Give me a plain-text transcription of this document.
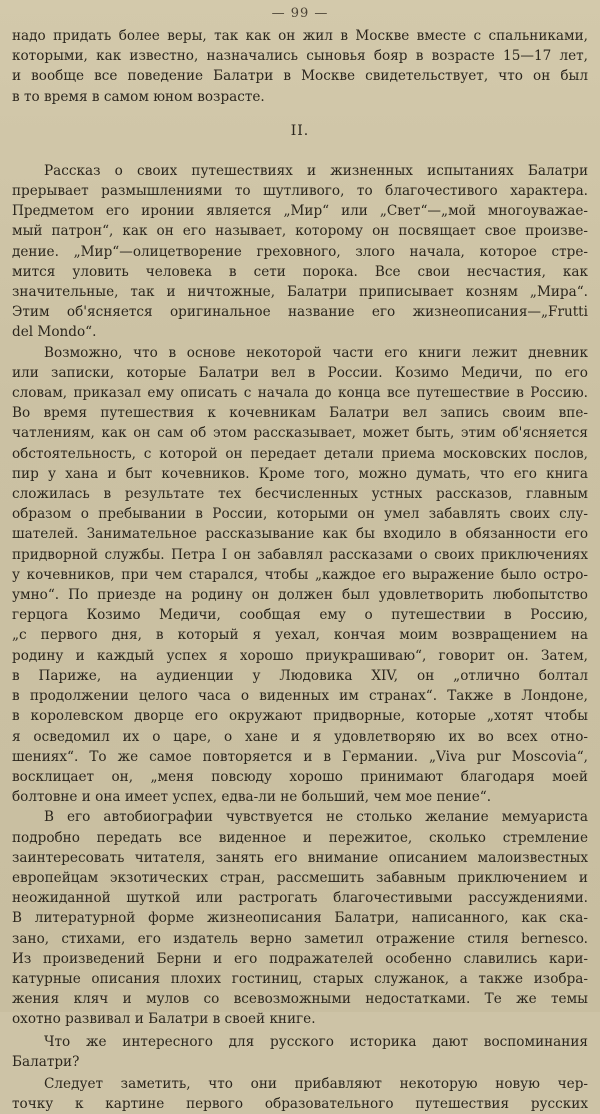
— 99 —

надо придать более веры, так как он жил в Москве вместе с спальниками,
которыми, как известно, назначались сыновья бояр в возрасте 15—17 лет,
и вообще все поведение Балатри в Москве свидетельствует, что он был
в то время в самом юном возрасте.

II.

Рассказ о своих путешествиях и жизненных испытаниях Балатри
прерывает размышлениями то шутливого, то благочестивого характера.
Предметом его иронии является „Мир“ или „Свет“—„мой многоуважае-
мый патрон“, как он его называет, которому он посвящает свое произве-
дение. „Мир“—олицетворение греховного, злого начала, которое стре-
мится уловить человека в сети порока. Все свои несчастия, как
значительные, так и ничтожные, Балатри приписывает козням „Мира“.
Этим об'ясняется оригинальное название его жизнеописания—„Frutti
del Mondo“.

Возможно, что в основе некоторой части его книги лежит дневник
или записки, которые Балатри вел в России. Козимо Медичи, по его
словам, приказал ему описать с начала до конца все путешествие в Россию.
Во время путешествия к кочевникам Балатри вел запись своим впе-
чатлениям, как он сам об этом рассказывает, может быть, этим об'ясняется
обстоятельность, с которой он передает детали приема московских послов,
пир у хана и быт кочевников. Кроме того, можно думать, что его книга
сложилась в результате тех бесчисленных устных рассказов, главным
образом о пребывании в России, которыми он умел забавлять своих слу-
шателей. Занимательное рассказывание как бы входило в обязанности его
придворной службы. Петра I он забавлял рассказами о своих приключениях
у кочевников, при чем старался, чтобы „каждое его выражение было остро-
умно“. По приезде на родину он должен был удовлетворить любопытство
герцога Козимо Медичи, сообщая ему о путешествии в Россию,
„с первого дня, в который я уехал, кончая моим возвращением на
родину и каждый успех я хорошо приукрашиваю“, говорит он. Затем,
в Париже, на аудиенции у Людовика XIV, он „отлично болтал
в продолжении целого часа о виденных им странах“. Также в Лондоне,
в королевском дворце его окружают придворные, которые „хотят чтобы
я осведомил их о царе, о хане и я удовлетворяю их во всех отно-
шениях“. То же самое повторяется и в Германии. „Viva pur Moscovia“,
восклицает он, „меня повсюду хорошо принимают благодаря моей
болтовне и она имеет успех, едва-ли не больший, чем мое пение“.

В его автобиографии чувствуется не столько желание мемуариста
подробно передать все виденное и пережитое, сколько стремление
заинтересовать читателя, занять его внимание описанием малоизвестных
европейцам экзотических стран, рассмешить забавным приключением и
неожиданной шуткой или растрогать благочестивыми рассуждениями.
В литературной форме жизнеописания Балатри, написанного, как ска-
зано, стихами, его издатель верно заметил отражение стиля bernesco.
Из произведений Берни и его подражателей особенно славились кари-
катурные описания плохих гостиниц, старых служанок, а также изобра-
жения кляч и мулов со всевозможными недостатками. Те же темы
охотно развивал и Балатри в своей книге.

Что же интересного для русского историка дают воспоминания
Балатри?

Следует заметить, что они прибавляют некоторую новую чер-
точку к картине первого образовательного путешествия русских
